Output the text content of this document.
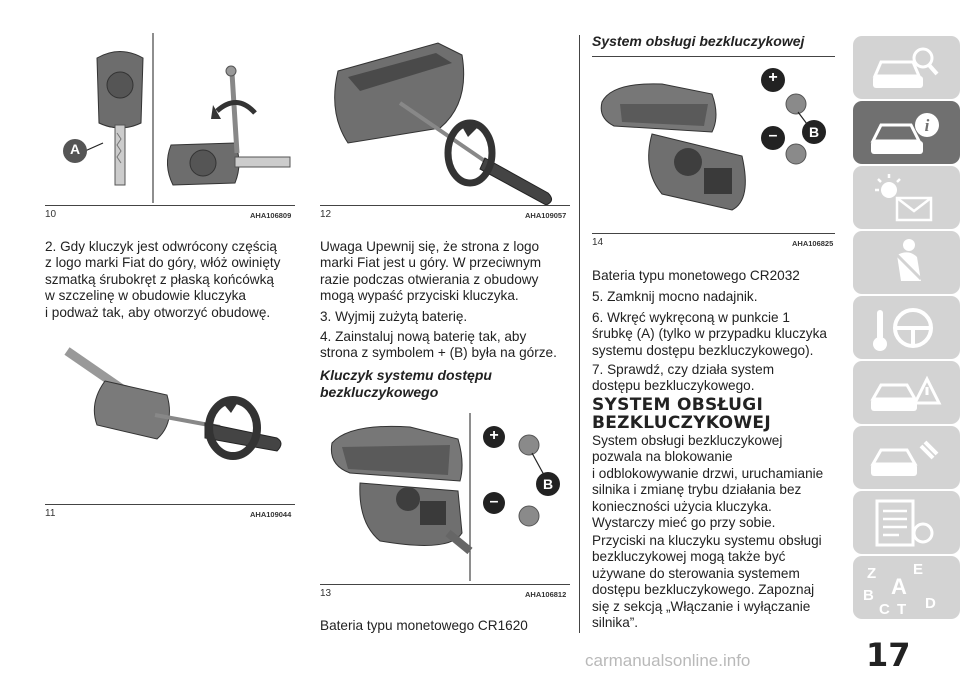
A
10	AHA106809

2. Gdy kluczyk jest odwrócony częścią
z logo marki Fiat do góry, włóż owinięty
szmatką śrubokręt z płaską końcówką
w szczelinę w obudowie kluczyka
i podważ tak, aby otworzyć obudowę.

11	AHA109044
12	AHA109057

Uwaga Upewnij się, że strona z logo
marki Fiat jest u góry. W przeciwnym
razie podczas otwierania z obudowy
mogą wypaść przyciski kluczyka.

3. Wyjmij zużytą baterię.

4. Zainstaluj nową baterię tak, aby
strona z symbolem + (B) była na górze.

Kluczyk systemu dostępu
bezkluczykowego

+
–
B
13	AHA106812

Bateria typu monetowego CR1620

System obsługi bezkluczykowej

+
– B
14	AHA106825

Bateria typu monetowego CR2032

5. Zamknij mocno nadajnik.

6. Wkręć wykręconą w punkcie 1
śrubkę (A) (tylko w przypadku kluczyka
systemu dostępu bezkluczykowego).

7. Sprawdź, czy działa system
dostępu bezkluczykowego.

SYSTEM OBSŁUGI
BEZKLUCZYKOWEJ

System obsługi bezkluczykowej
pozwala na blokowanie
i odblokowywanie drzwi, uruchamianie
silnika i zmianę trybu działania bez
konieczności użycia kluczyka.
Wystarczy mieć go przy sobie.

Przyciski na kluczyku systemu obsługi
bezkluczykowej mogą także być
używane do sterowania systemem
dostępu bezkluczykowego. Zapoznaj
się z sekcją „Włączanie i wyłączanie
silnika”.

i
Z E
B A
C T D
17
carmanualsonline.info
